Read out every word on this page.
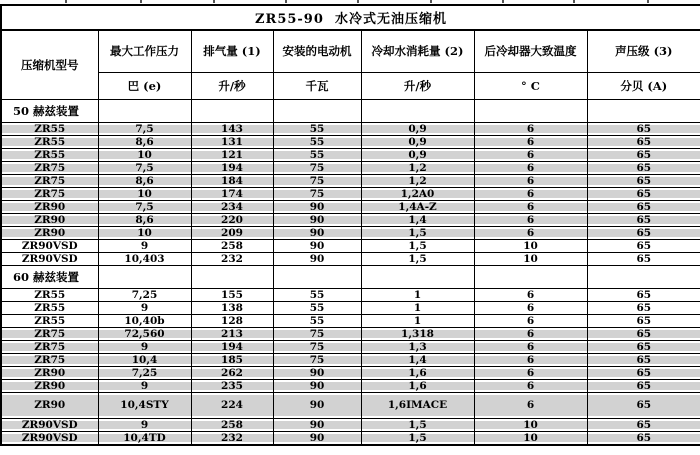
ZR55-90  水冷式无油压缩机						
压缩机型号	最大工作压力	排气量 (1)	安装的电动机	冷却水消耗量 (2)	后冷却器大致温度	声压级 (3)
	巴 (e)	升/秒	千瓦	升/秒	° C	分贝 (A)
50 赫兹装置						
ZR55	7,5	143	55	0,9	6	65
ZR55	8,6	131	55	0,9	6	65
ZR55	10	121	55	0,9	6	65
ZR75	7,5	194	75	1,2	6	65
ZR75	8,6	184	75	1,2	6	65
ZR75	10	174	75	1,2A0	6	65
ZR90	7,5	234	90	1,4A-Z	6	65
ZR90	8,6	220	90	1,4	6	65
ZR90	10	209	90	1,5	6	65
ZR90VSD	9	258	90	1,5	10	65
ZR90VSD	10,403	232	90	1,5	10	65
60 赫兹装置						
ZR55	7,25	155	55	1	6	65
ZR55	9	138	55	1	6	65
ZR55	10,40b	128	55	1	6	65
ZR75	72,560	213	75	1,318	6	65
ZR75	9	194	75	1,3	6	65
ZR75	10,4	185	75	1,4	6	65
ZR90	7,25	262	90	1,6	6	65
ZR90	9	235	90	1,6	6	65
ZR90	10,4STY	224	90	1,6IMACE	6	65
ZR90VSD	9	258	90	1,5	10	65
ZR90VSD	10,4TD	232	90	1,5	10	65
